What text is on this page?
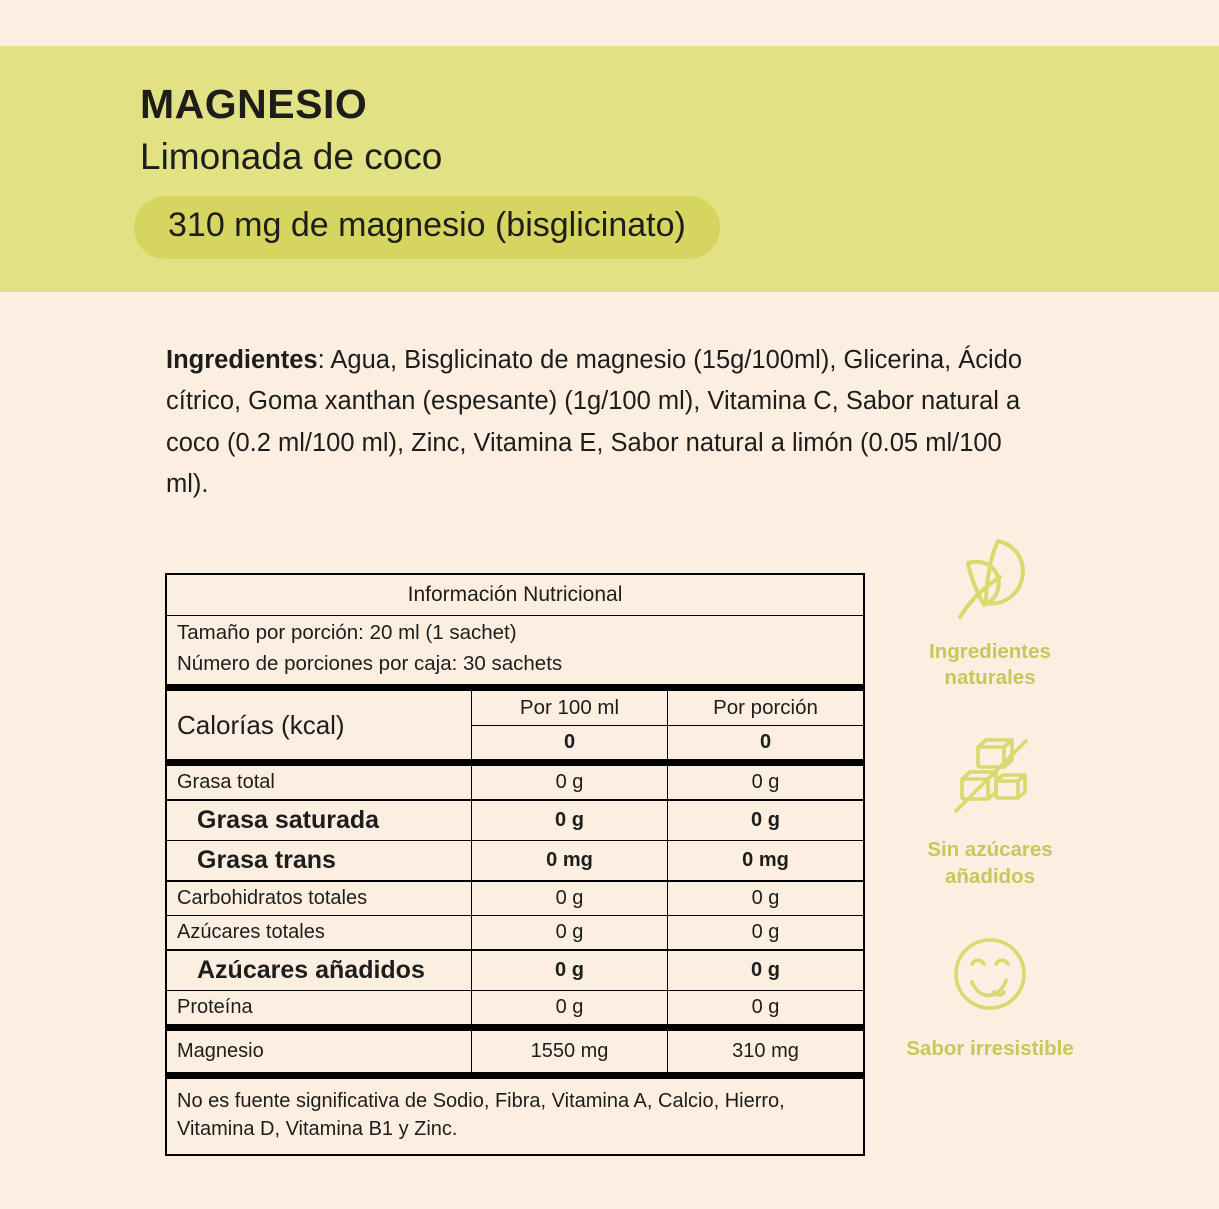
MAGNESIO
Limonada de coco
310 mg de magnesio (bisglicinato)
Ingredientes: Agua, Bisglicinato de magnesio (15g/100ml), Glicerina, Ácido cítrico, Goma xanthan (espesante) (1g/100 ml), Vitamina C, Sabor natural a coco (0.2 ml/100 ml), Zinc, Vitamina E, Sabor natural a limón (0.05 ml/100 ml).
Información Nutricional		
Tamaño por porción: 20 ml (1 sachet)		
Número de porciones por caja: 30 sachets		

Calorías (kcal)	Por 100 ml	Por porción
	0	0

Grasa total	0 g	0 g

Grasa saturada	0 g	0 g

Grasa trans	0 mg	0 mg

Carbohidratos totales	0 g	0 g

Azúcares totales	0 g	0 g

Azúcares añadidos	0 g	0 g

Proteína	0 g	0 g

Magnesio	1550 mg	310 mg

No es fuente significativa de Sodio, Fibra, Vitamina A, Calcio, Hierro, Vitamina D, Vitamina B1 y Zinc.		
Ingredientes naturales
Sin azúcares añadidos
Sabor irresistible
